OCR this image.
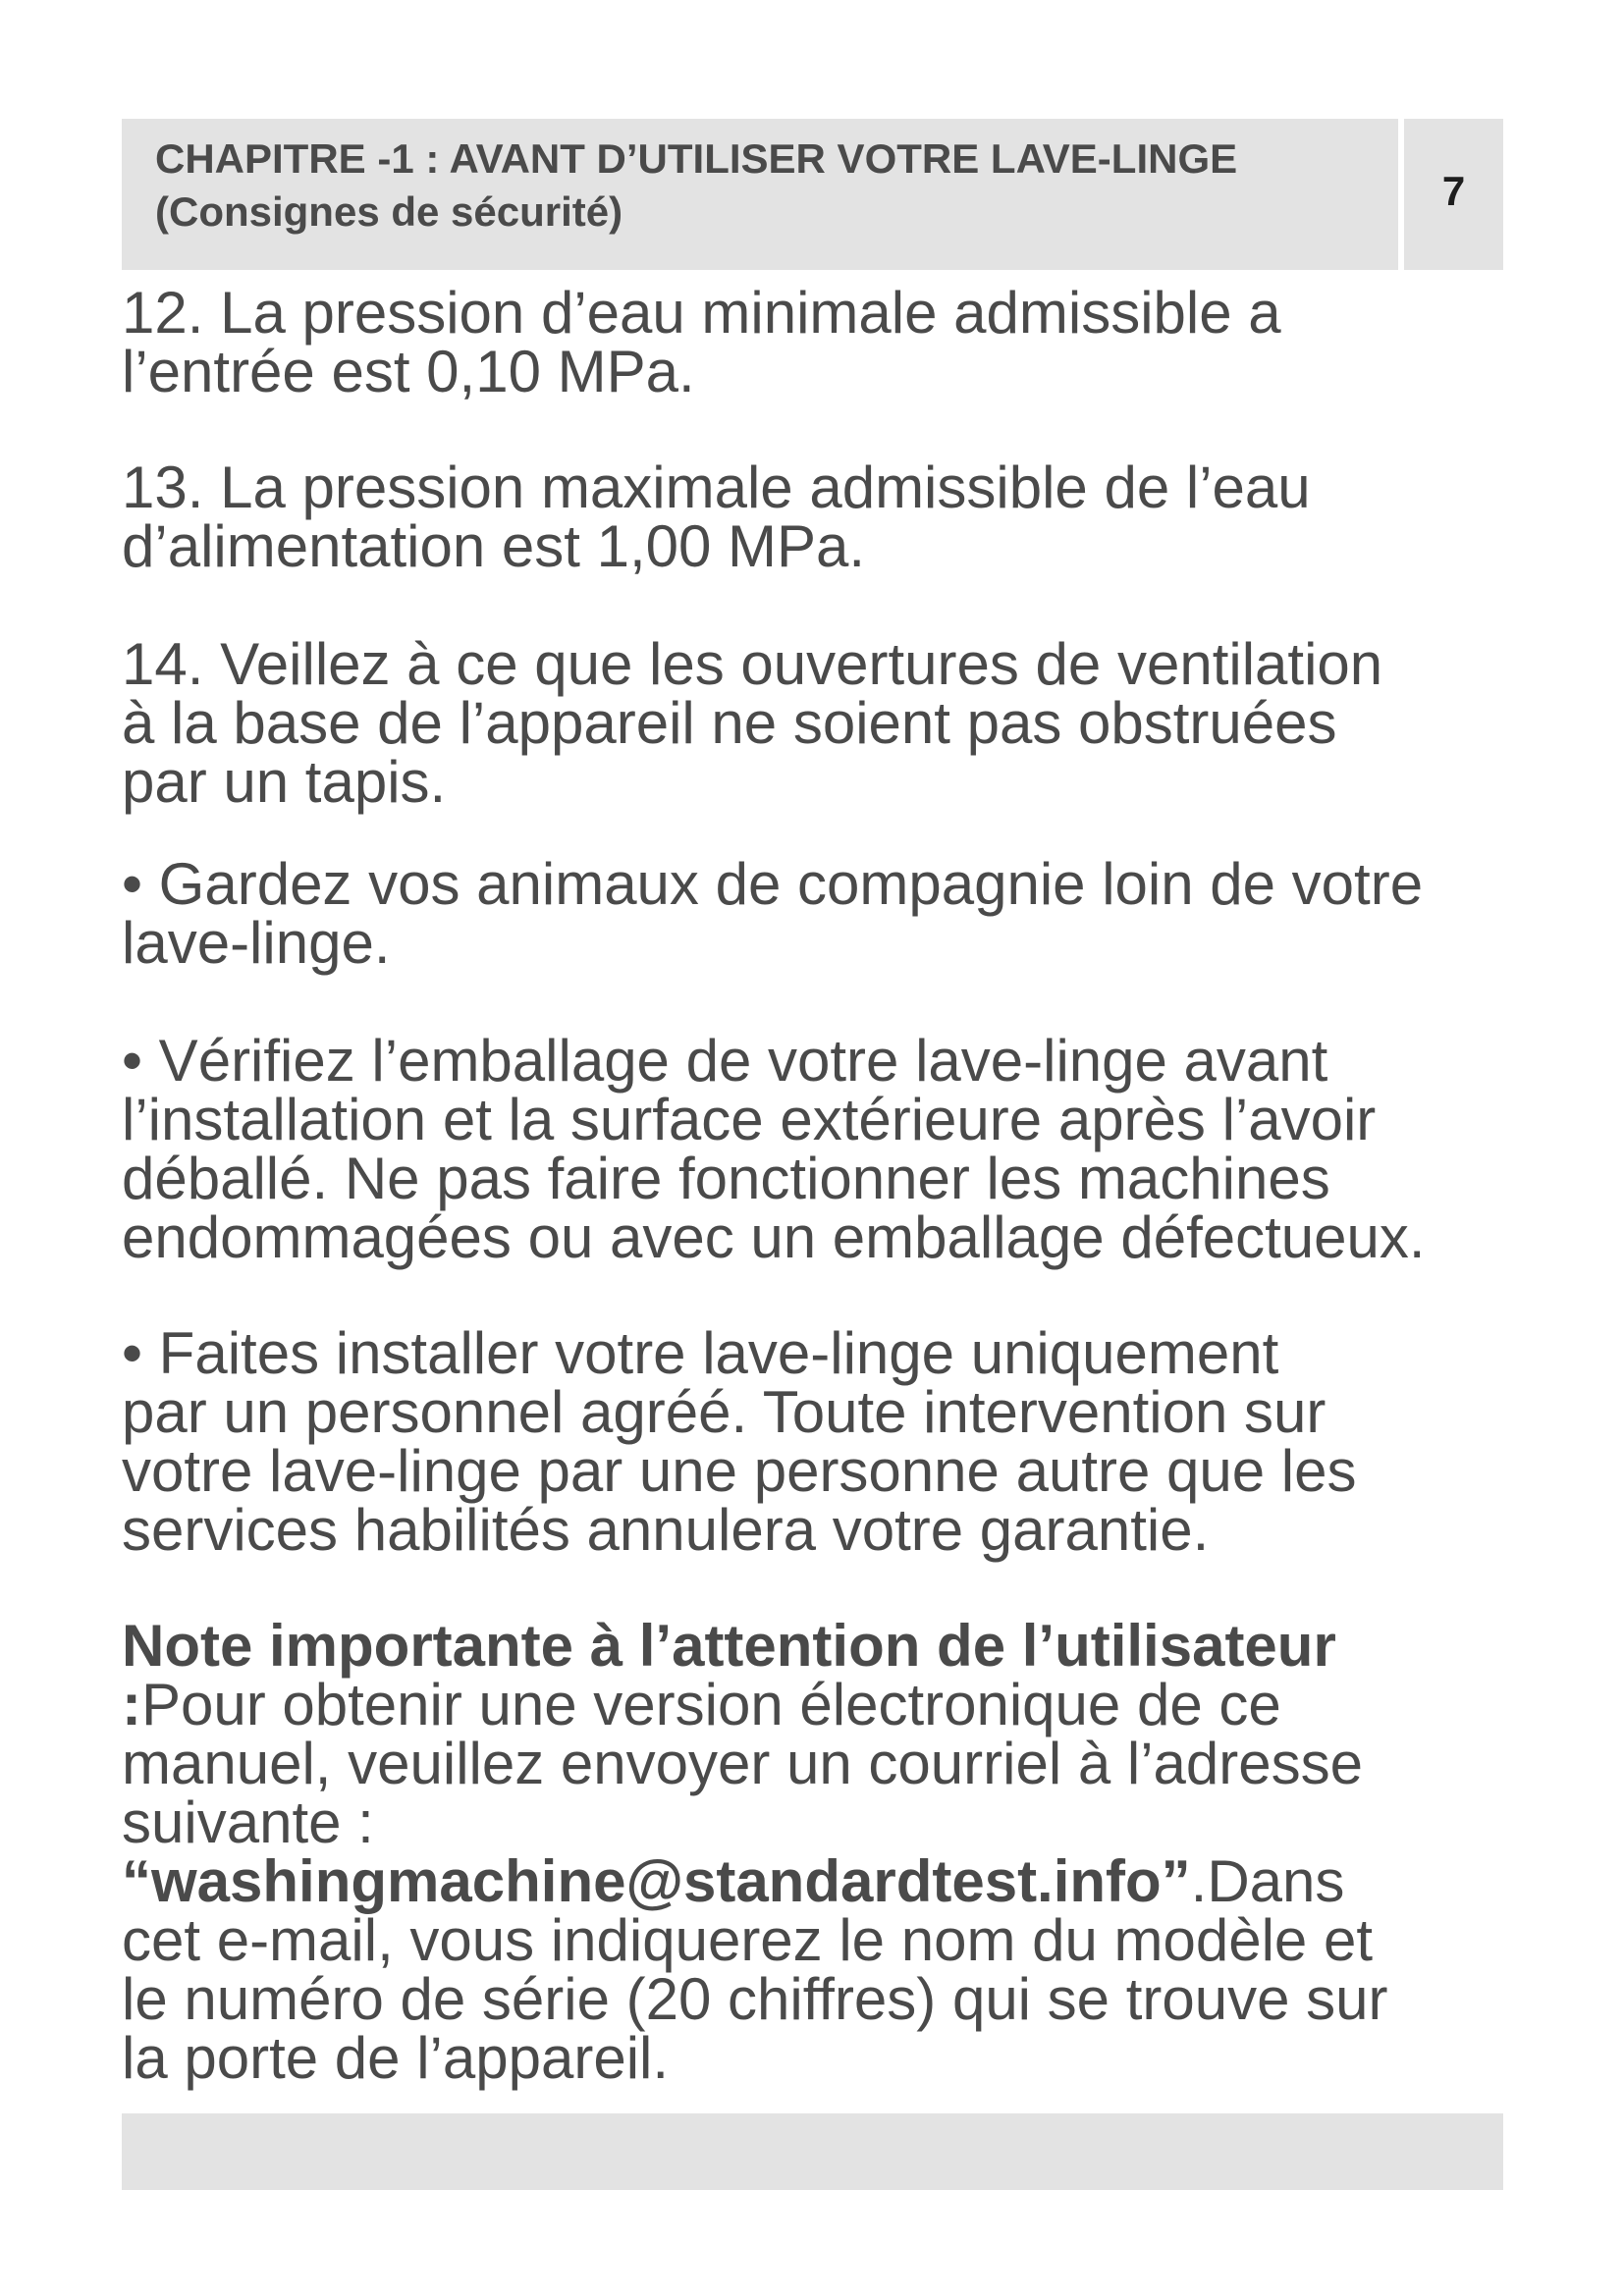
CHAPITRE -1 : AVANT D’UTILISER VOTRE LAVE-LINGE
(Consignes de sécurité)	7

12. La pression d’eau minimale admissible a
l’entrée est 0,10 MPa.

13. La pression maximale admissible de l’eau
d’alimentation est 1,00 MPa.

14. Veillez à ce que les ouvertures de ventilation
à la base de l’appareil ne soient pas obstruées
par un tapis.

• Gardez vos animaux de compagnie loin de votre
lave-linge.

• Vérifiez l’emballage de votre lave-linge avant
l’installation et la surface extérieure après l’avoir
déballé. Ne pas faire fonctionner les machines
endommagées ou avec un emballage défectueux.

• Faites installer votre lave-linge uniquement
par un personnel agréé. Toute intervention sur
votre lave-linge par une personne autre que les
services habilités annulera votre garantie.

Note importante à l’attention de l’utilisateur
:Pour obtenir une version électronique de ce
manuel, veuillez envoyer un courriel à l’adresse
suivante :
“washingmachine@standardtest.info”.Dans
cet e-mail, vous indiquerez le nom du modèle et
le numéro de série (20 chiffres) qui se trouve sur
la porte de l’appareil.
